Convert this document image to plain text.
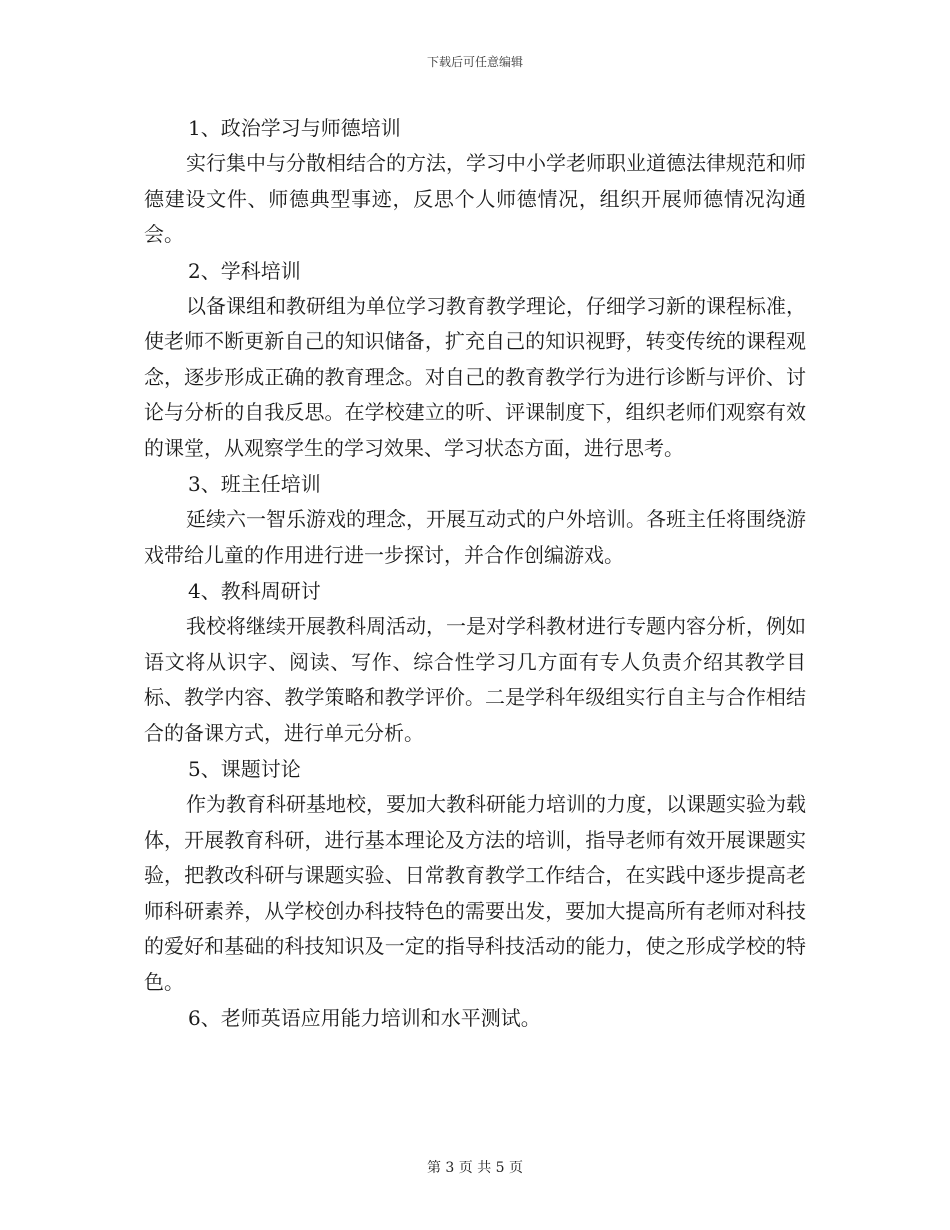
下载后可任意编辑
1、政治学习与师德培训

实行集中与分散相结合的方法，学习中小学老师职业道德法律规范和师德建设文件、师德典型事迹，反思个人师德情况，组织开展师德情况沟通会。

2、学科培训

以备课组和教研组为单位学习教育教学理论，仔细学习新的课程标准，使老师不断更新自己的知识储备，扩充自己的知识视野，转变传统的课程观念，逐步形成正确的教育理念。对自己的教育教学行为进行诊断与评价、讨论与分析的自我反思。在学校建立的听、评课制度下，组织老师们观察有效的课堂，从观察学生的学习效果、学习状态方面，进行思考。

3、班主任培训

延续六一智乐游戏的理念，开展互动式的户外培训。各班主任将围绕游戏带给儿童的作用进行进一步探讨，并合作创编游戏。

4、教科周研讨

我校将继续开展教科周活动，一是对学科教材进行专题内容分析，例如语文将从识字、阅读、写作、综合性学习几方面有专人负责介绍其教学目标、教学内容、教学策略和教学评价。二是学科年级组实行自主与合作相结合的备课方式，进行单元分析。

5、课题讨论

作为教育科研基地校，要加大教科研能力培训的力度，以课题实验为载体，开展教育科研，进行基本理论及方法的培训，指导老师有效开展课题实验，把教改科研与课题实验、日常教育教学工作结合，在实践中逐步提高老师科研素养，从学校创办科技特色的需要出发，要加大提高所有老师对科技的爱好和基础的科技知识及一定的指导科技活动的能力，使之形成学校的特色。

6、老师英语应用能力培训和水平测试。
第 3 页 共 5 页
